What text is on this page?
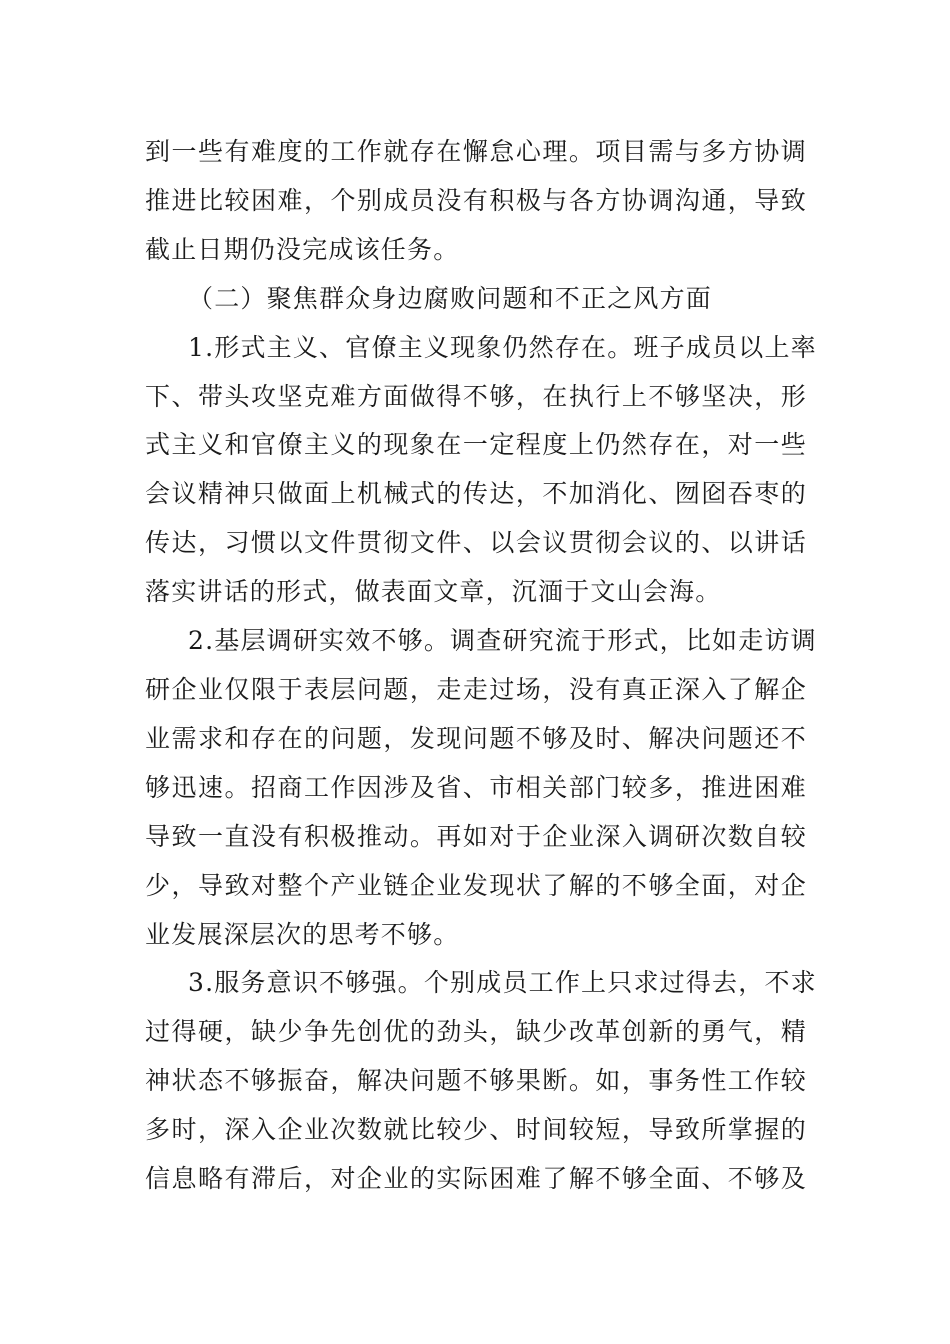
到一些有难度的工作就存在懈怠心理。项目需与多方协调
推进比较困难，个别成员没有积极与各方协调沟通，导致
截止日期仍没完成该任务。
（二）聚焦群众身边腐败问题和不正之风方面
1.形式主义、官僚主义现象仍然存在。班子成员以上率
下、带头攻坚克难方面做得不够，在执行上不够坚决，形
式主义和官僚主义的现象在一定程度上仍然存在，对一些
会议精神只做面上机械式的传达，不加消化、囫囵吞枣的
传达，习惯以文件贯彻文件、以会议贯彻会议的、以讲话
落实讲话的形式，做表面文章，沉湎于文山会海。
2.基层调研实效不够。调查研究流于形式，比如走访调
研企业仅限于表层问题，走走过场，没有真正深入了解企
业需求和存在的问题，发现问题不够及时、解决问题还不
够迅速。招商工作因涉及省、市相关部门较多，推进困难
导致一直没有积极推动。再如对于企业深入调研次数自较
少，导致对整个产业链企业发现状了解的不够全面，对企
业发展深层次的思考不够。
3.服务意识不够强。个别成员工作上只求过得去，不求
过得硬，缺少争先创优的劲头，缺少改革创新的勇气，精
神状态不够振奋，解决问题不够果断。如，事务性工作较
多时，深入企业次数就比较少、时间较短，导致所掌握的
信息略有滞后，对企业的实际困难了解不够全面、不够及
